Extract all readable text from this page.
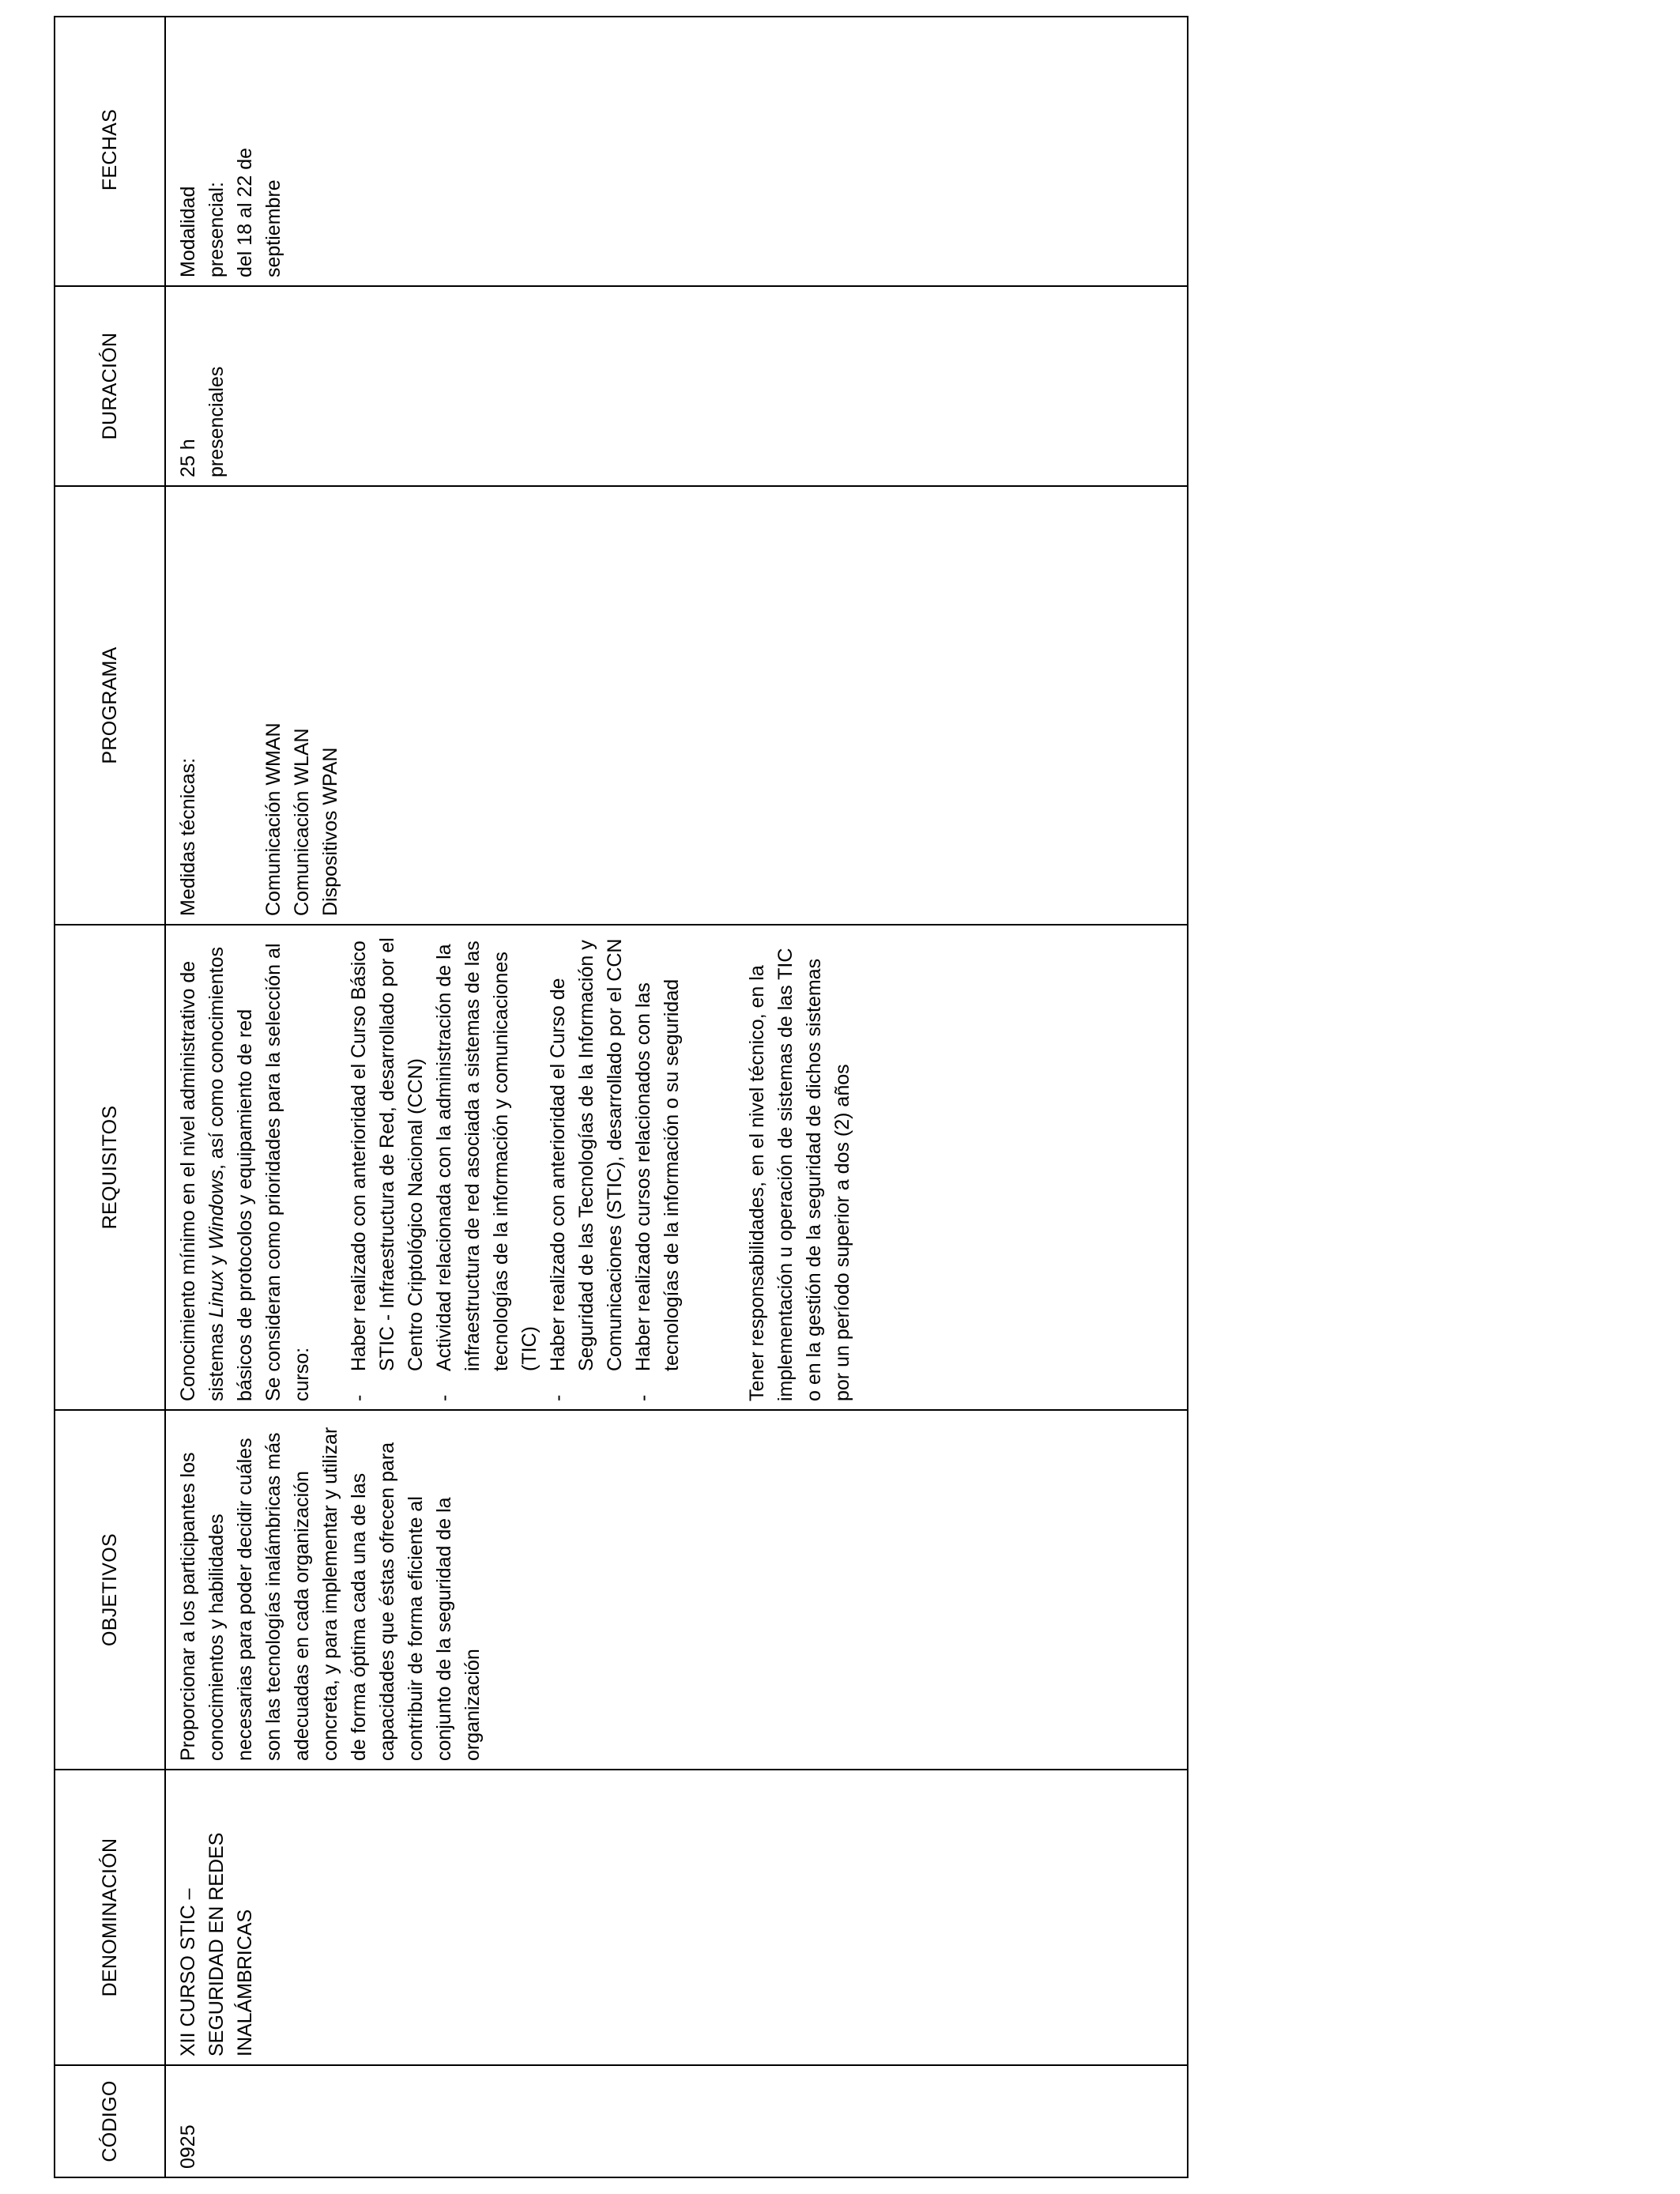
CÓDIGO
DENOMINACIÓN
OBJETIVOS
REQUISITOS
PROGRAMA
DURACIÓN
FECHAS
0925
XII CURSO STIC – SEGURIDAD EN REDES INALÁMBRICAS
Proporcionar a los participantes los conocimientos y habilidades necesarias para poder decidir cuáles son las tecnologías inalámbricas más adecuadas en cada organización concreta, y para implementar y utilizar de forma óptima cada una de las capacidades que éstas ofrecen para contribuir de forma eficiente al conjunto de la seguridad de la organización
Conocimiento mínimo en el nivel administrativo de sistemas Linux y Windows, así como conocimientos básicos de protocolos y equipamiento de red Se consideran como prioridades para la selección al curso: -Haber realizado con anterioridad el Curso Básico STIC - Infraestructura de Red, desarrollado por el Centro Criptológico Nacional (CCN)
-Actividad relacionada con la administración de la infraestructura de red asociada a sistemas de las tecnologías de la información y comunicaciones (TIC)
-Haber realizado con anterioridad el Curso de Seguridad de las Tecnologías de la Información y Comunicaciones (STIC), desarrollado por el CCN
-Haber realizado cursos relacionados con las tecnologías de la información o su seguridad	Tener responsabilidades, en el nivel técnico, en la implementación u operación de sistemas de las TIC o en la gestión de la seguridad de dichos sistemas por un período superior a dos (2) años
Medidas técnicas:	Comunicación WMAN Comunicación WLAN Dispositivos WPAN
25 h presenciales
Modalidad presencial: del 18 al 22 de septiembre
